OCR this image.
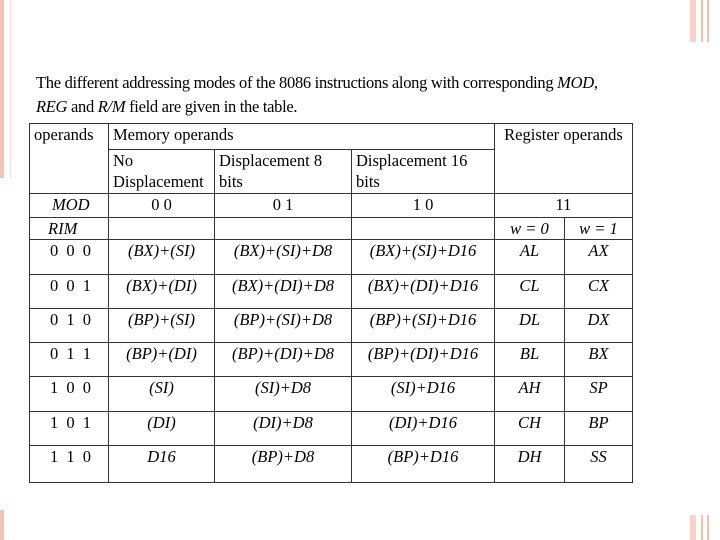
The different addressing modes of the 8086 instructions along with corresponding MOD,
REG and R/M field are given in the table.

operands	Memory operands			Register operands	
	No Displacement	Displacement 8 bits	Displacement 16 bits		
MOD	0 0	0 1	1 0	11	
RIM				w = 0	w = 1
0 0 0	(BX)+(SI)	(BX)+(SI)+D8	(BX)+(SI)+D16	AL	AX
0 0 1	(BX)+(DI)	(BX)+(DI)+D8	(BX)+(DI)+D16	CL	CX
0 1 0	(BP)+(SI)	(BP)+(SI)+D8	(BP)+(SI)+D16	DL	DX
0 1 1	(BP)+(DI)	(BP)+(DI)+D8	(BP)+(DI)+D16	BL	BX
1 0 0	(SI)	(SI)+D8	(SI)+D16	AH	SP
1 0 1	(DI)	(DI)+D8	(DI)+D16	CH	BP
1 1 0	D16	(BP)+D8	(BP)+D16	DH	SS
